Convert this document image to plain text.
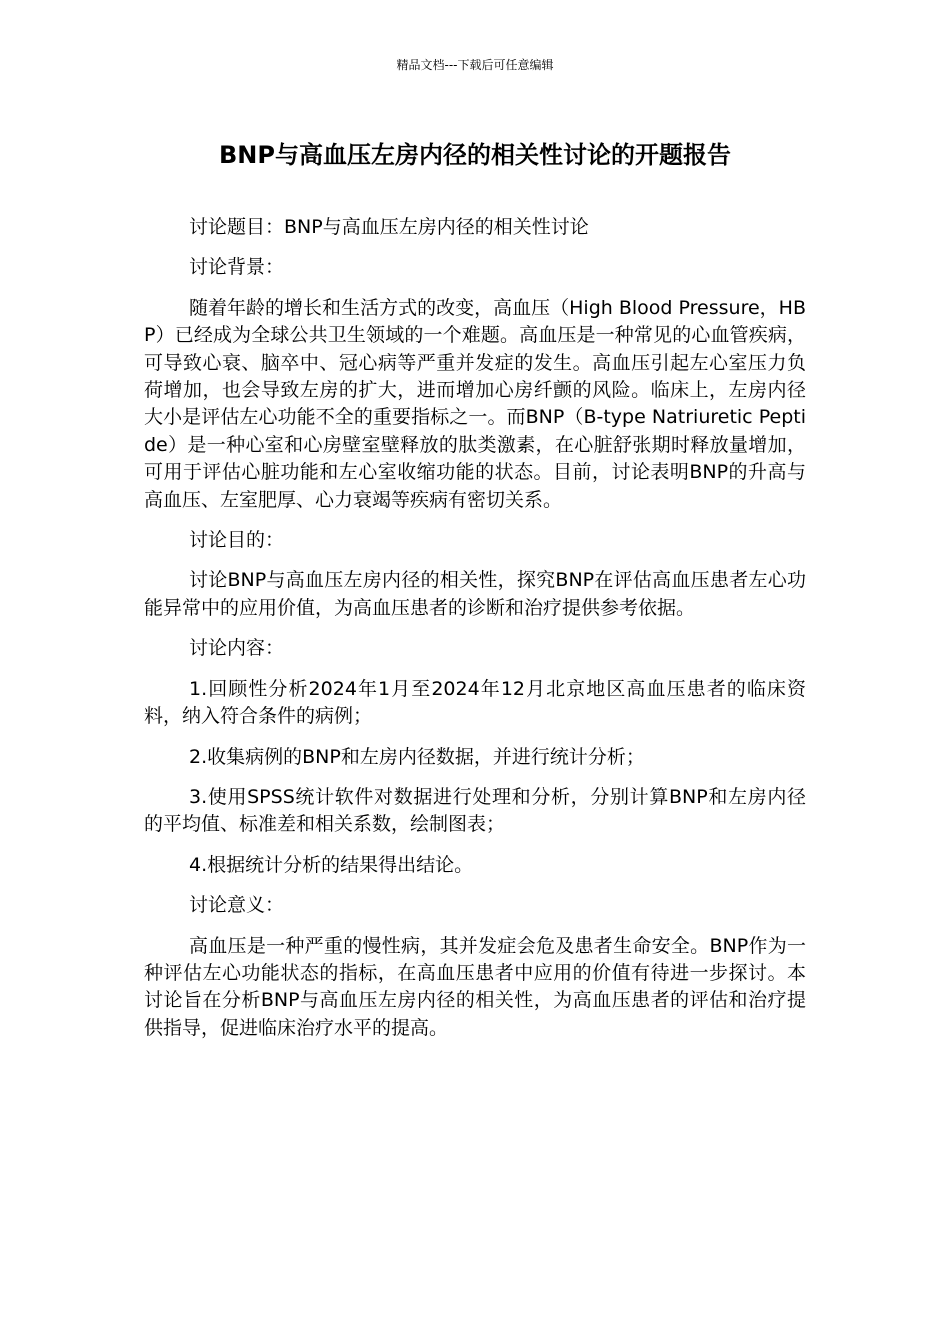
精品文档---下载后可任意编辑
BNP与高血压左房内径的相关性讨论的开题报告

讨论题目：BNP与高血压左房内径的相关性讨论

讨论背景：

随着年龄的增长和生活方式的改变，高血压（High Blood Pressure，HBP）已经成为全球公共卫生领域的一个难题。高血压是一种常见的心血管疾病，可导致心衰、脑卒中、冠心病等严重并发症的发生。高血压引起左心室压力负荷增加，也会导致左房的扩大，进而增加心房纤颤的风险。临床上，左房内径大小是评估左心功能不全的重要指标之一。而BNP（B-type Natriuretic Peptide）是一种心室和心房壁室壁释放的肽类激素，在心脏舒张期时释放量增加，可用于评估心脏功能和左心室收缩功能的状态。目前，讨论表明BNP的升高与高血压、左室肥厚、心力衰竭等疾病有密切关系。

讨论目的：

讨论BNP与高血压左房内径的相关性，探究BNP在评估高血压患者左心功能异常中的应用价值，为高血压患者的诊断和治疗提供参考依据。

讨论内容：

1.回顾性分析2024年1月至2024年12月北京地区高血压患者的临床资料，纳入符合条件的病例；

2.收集病例的BNP和左房内径数据，并进行统计分析；

3.使用SPSS统计软件对数据进行处理和分析，分别计算BNP和左房内径的平均值、标准差和相关系数，绘制图表；

4.根据统计分析的结果得出结论。

讨论意义：

高血压是一种严重的慢性病，其并发症会危及患者生命安全。BNP作为一种评估左心功能状态的指标，在高血压患者中应用的价值有待进一步探讨。本讨论旨在分析BNP与高血压左房内径的相关性，为高血压患者的评估和治疗提供指导，促进临床治疗水平的提高。
